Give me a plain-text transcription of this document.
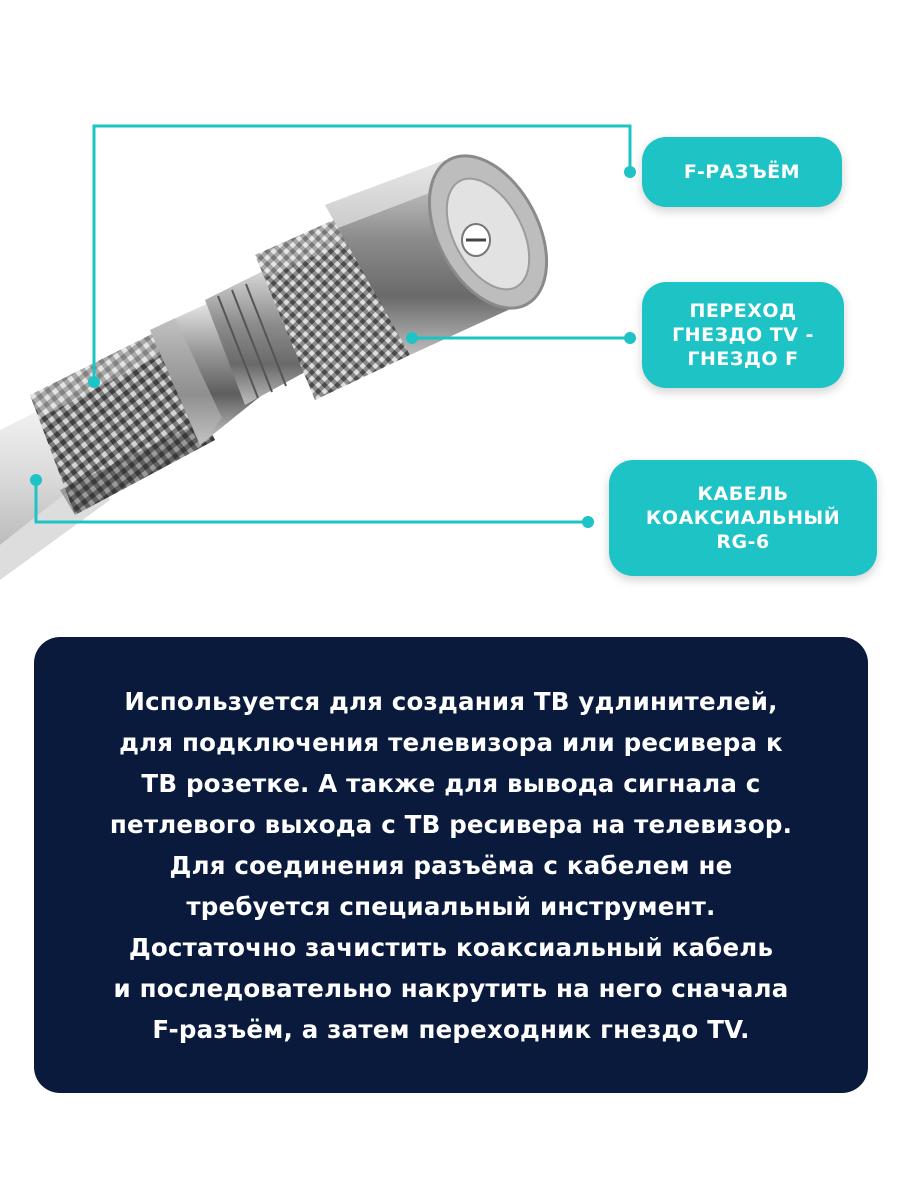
F-РАЗЪЁМ
ПЕРЕХОД
ГНЕЗДО TV -
ГНЕЗДО F
КАБЕЛЬ
КОАКСИАЛЬНЫЙ
RG-6
Используется для создания ТВ удлинителей,
для подключения телевизора или ресивера к
ТВ розетке. А также для вывода сигнала с
петлевого выхода с ТВ ресивера на телевизор.
Для соединения разъёма с кабелем не
требуется специальный инструмент.
Достаточно зачистить коаксиальный кабель
и последовательно накрутить на него сначала
F-разъём, а затем переходник гнездо TV.
